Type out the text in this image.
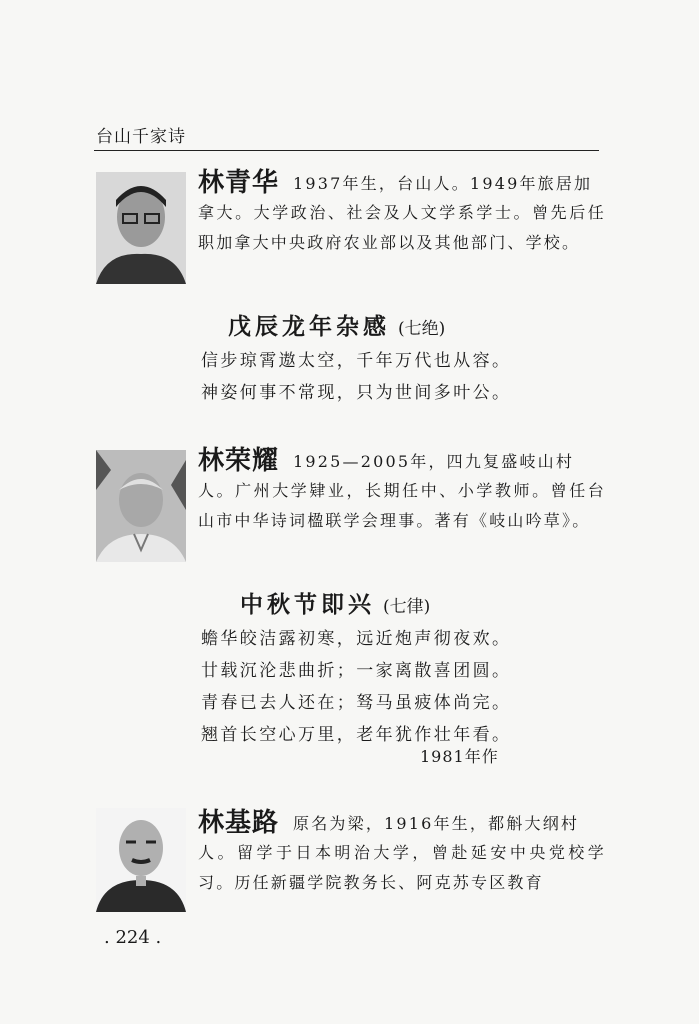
台山千家诗
林青华 1937年生，台山人。1949年旅居加
拿大。大学政治、社会及人文学系学士。曾先后任职加拿大中央政府农业部以及其他部门、学校。
戊辰龙年杂感 (七绝)
信步琼霄遨太空，千年万代也从容。
神姿何事不常现，只为世间多叶公。
林荣耀 1925—2005年，四九复盛岐山村
人。广州大学肄业，长期任中、小学教师。曾任台山市中华诗词楹联学会理事。著有《岐山吟草》。
中秋节即兴 (七律)
蟾华皎洁露初寒，远近炮声彻夜欢。
廿载沉沦悲曲折；一家离散喜团圆。
青春已去人还在；驽马虽疲体尚完。
翘首长空心万里，老年犹作壮年看。
1981年作
林基路 原名为梁，1916年生，都斛大纲村
人。留学于日本明治大学，曾赴延安中央党校学习。历任新疆学院教务长、阿克苏专区教育
. 224 .
